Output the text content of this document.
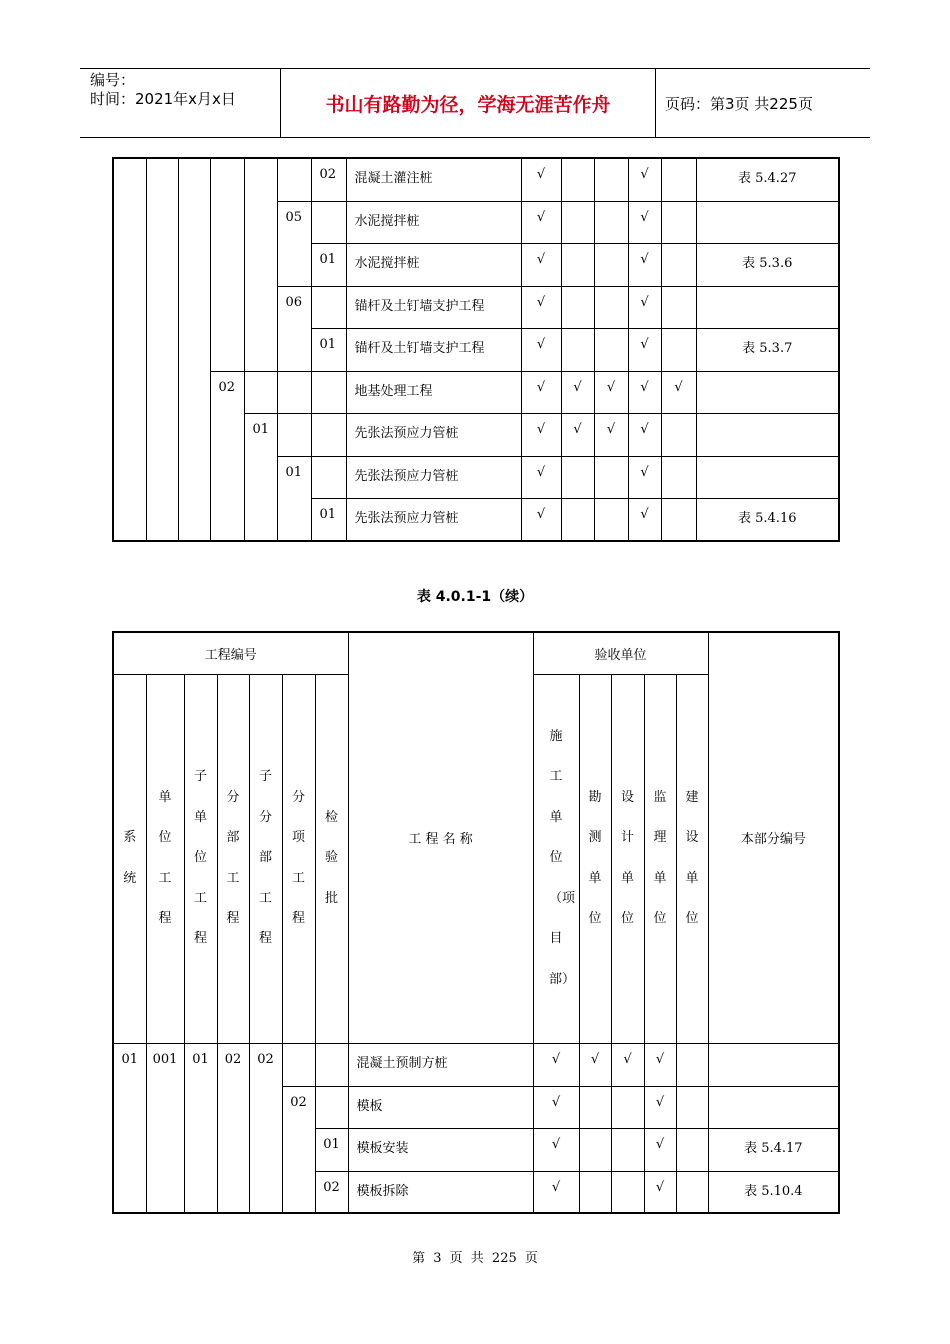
编号：
时间：2021年x月x日	书山有路勤为径，学海无涯苦作舟	页码：第3页 共225页
						02	混凝土灌注桩	√			√		表 5.4.27
					05		水泥搅拌桩	√			√		
						01	水泥搅拌桩	√			√		表 5.3.6
					06		锚杆及土钉墙支护工程	√			√		
						01	锚杆及土钉墙支护工程	√			√		表 5.3.7
			02				地基处理工程	√	√	√	√	√	
				01			先张法预应力管桩	√	√	√	√		
					01		先张法预应力管桩	√			√		
						01	先张法预应力管桩	√			√		表 5.4.16
表 4.0.1-1（续）
工程编号							工 程 名 称	验收单位					本部分编号
系统	单位工程	子单位工程	分部工程	子分部工程	分项工程	检验批		施工单位（项目部）	勘测单位	设计单位	监理单位	建设单位	
01	001	01	02	02			混凝土预制方桩	√	√	√	√		
					02		模板	√			√		
						01	模板安装	√			√		表 5.4.17
						02	模板拆除	√			√		表 5.10.4
第 3 页 共 225 页
